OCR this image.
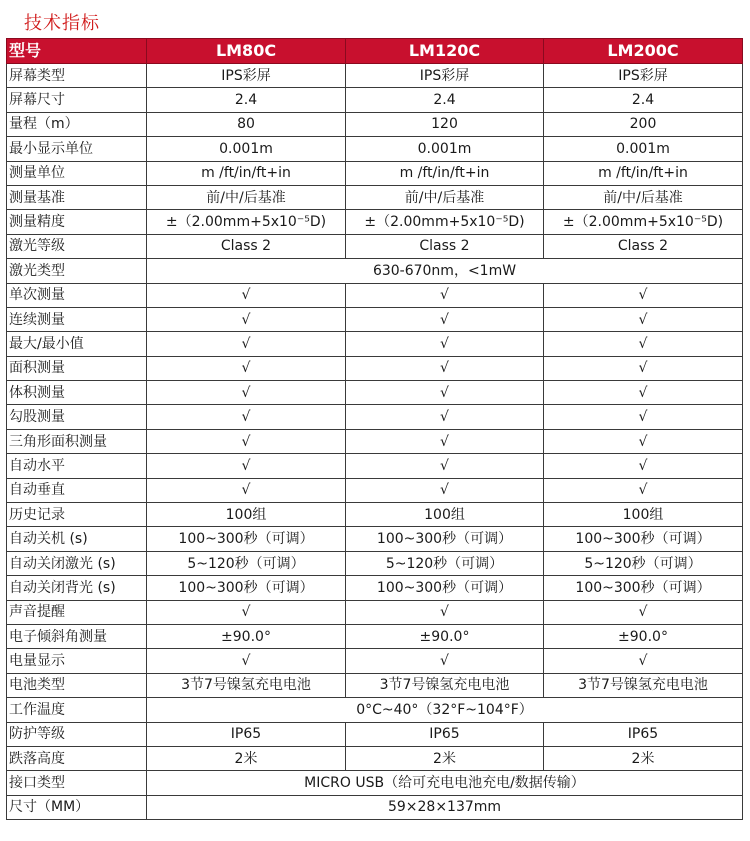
技术指标
型号	LM80C	LM120C	LM200C
屏幕类型	IPS彩屏	IPS彩屏	IPS彩屏
屏幕尺寸	2.4	2.4	2.4
量程（m）	80	120	200
最小显示单位	0.001m	0.001m	0.001m
测量单位	m /ft/in/ft+in	m /ft/in/ft+in	m /ft/in/ft+in
测量基准	前/中/后基准	前/中/后基准	前/中/后基准
测量精度	±（2.00mm+5x10⁻⁵D)	±（2.00mm+5x10⁻⁵D)	±（2.00mm+5x10⁻⁵D)
激光等级	Class 2	Class 2	Class 2
激光类型	630-670nm，<1mW		
单次测量	√	√	√
连续测量	√	√	√
最大/最小值	√	√	√
面积测量	√	√	√
体积测量	√	√	√
勾股测量	√	√	√
三角形面积测量	√	√	√
自动水平	√	√	√
自动垂直	√	√	√
历史记录	100组	100组	100组
自动关机 (s)	100~300秒（可调）	100~300秒（可调）	100~300秒（可调）
自动关闭激光 (s)	5~120秒（可调）	5~120秒（可调）	5~120秒（可调）
自动关闭背光 (s)	100~300秒（可调）	100~300秒（可调）	100~300秒（可调）
声音提醒	√	√	√
电子倾斜角测量	±90.0°	±90.0°	±90.0°
电量显示	√	√	√
电池类型	3节7号镍氢充电电池	3节7号镍氢充电电池	3节7号镍氢充电电池
工作温度	0°C~40°（32°F~104°F）		
防护等级	IP65	IP65	IP65
跌落高度	2米	2米	2米
接口类型	MICRO USB（给可充电电池充电/数据传输）		
尺寸（MM）	59×28×137mm		
